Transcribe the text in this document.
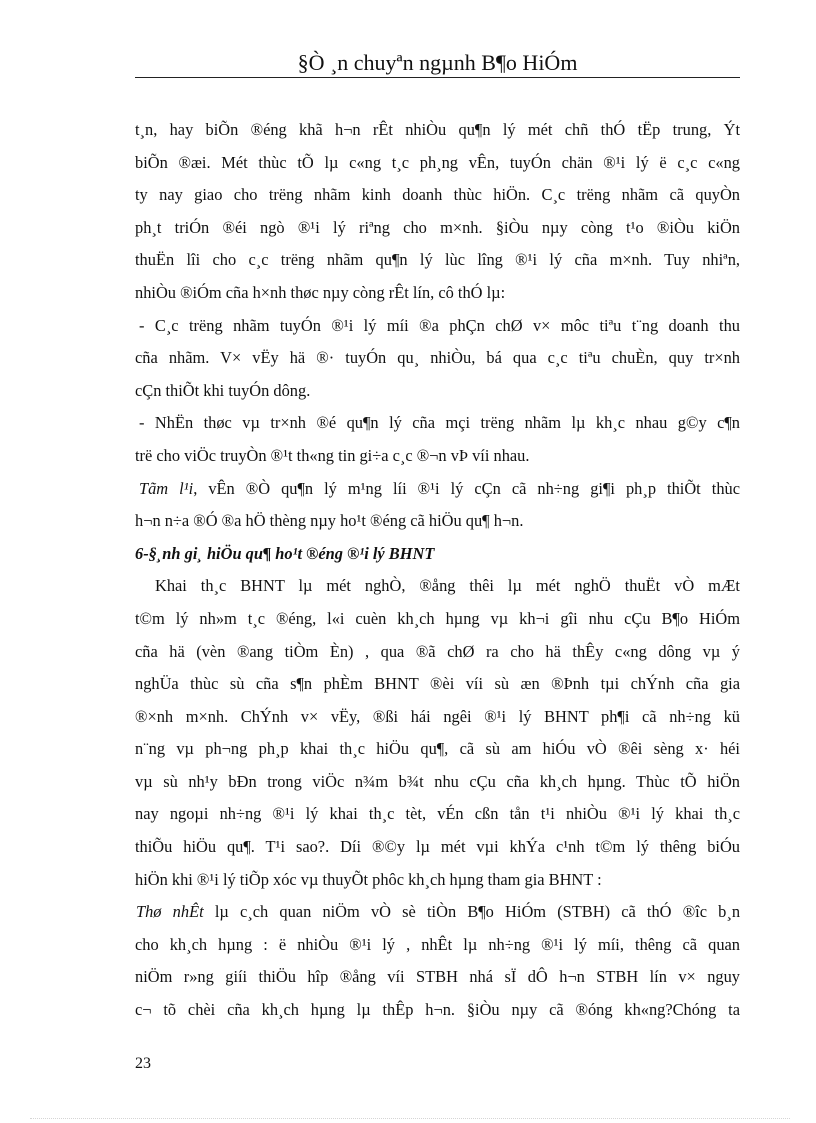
§Ò ¸n chuyªn ngµnh B¶o HiÓm
t¸n, hay biÕn ®éng khã h¬n rÊt nhiÒu qu¶n lý mét chñ thÓ tËp trung, Ýt
biÕn ®æi. Mét thùc tÕ lµ c«ng t¸c ph¸ng vÊn, tuyÓn chän ®¹i lý ë c¸c c«ng
ty nay giao cho trëng nhãm kinh doanh thùc hiÖn. C¸c trëng nhãm cã quyÒn
ph¸t triÓn ®éi ngò ®¹i lý riªng cho m×nh. §iÒu nµy còng t¹o ®iÒu kiÖn
thuËn lîi cho c¸c trëng nhãm qu¶n lý lùc lîng ®¹i lý cña m×nh. Tuy nhiªn,
nhiÒu ®iÓm cña h×nh thøc nµy còng rÊt lín, cô thÓ lµ:
- C¸c trëng nhãm tuyÓn ®¹i lý míi ®a phÇn chØ v× môc tiªu t¨ng doanh thu
cña nhãm. V× vËy hä ®· tuyÓn qu¸ nhiÒu, bá qua c¸c tiªu chuÈn, quy tr×nh
cÇn thiÕt khi tuyÓn dông.
- NhËn thøc vµ tr×nh ®é qu¶n lý cña mçi trëng nhãm lµ kh¸c nhau g©y c¶n
trë cho viÖc truyÒn ®¹t th«ng tin gi÷a c¸c ®¬n vÞ víi nhau.
Tãm l¹i, vÊn ®Ò qu¶n lý m¹ng líi ®¹i lý cÇn cã nh÷ng gi¶i ph¸p thiÕt thùc
h¬n n÷a ®Ó ®a hÖ thèng nµy ho¹t ®éng cã hiÖu qu¶ h¬n.
6-§¸nh gi¸ hiÖu qu¶ ho¹t ®éng ®¹i lý BHNT
Khai th¸c BHNT lµ mét nghÒ, ®ång thêi lµ mét nghÖ thuËt vÒ mÆt
t©m lý nh»m t¸c ®éng, l«i cuèn kh¸ch hµng vµ kh¬i gîi nhu cÇu B¶o HiÓm
cña hä (vèn ®ang tiÒm Èn) , qua ®ã chØ ra cho hä thÊy c«ng dông vµ ý
nghÜa thùc sù cña s¶n phÈm BHNT ®èi víi sù æn ®Þnh tµi chÝnh cña gia
®×nh m×nh. ChÝnh v× vËy, ®ßi hái ngêi ®¹i lý BHNT ph¶i cã nh÷ng kü
n¨ng vµ ph¬ng ph¸p khai th¸c hiÖu qu¶, cã sù am hiÓu vÒ ®êi sèng x· héi
vµ sù nh¹y bÐn trong viÖc n¾m b¾t nhu cÇu cña kh¸ch hµng. Thùc tÕ hiÖn
nay ngoµi nh÷ng ®¹i lý khai th¸c tèt, vÉn cßn tån t¹i nhiÒu ®¹i lý khai th¸c
thiÕu hiÖu qu¶. T¹i sao?. Díi ®©y lµ mét vµi khÝa c¹nh t©m lý thêng biÓu
hiÖn khi ®¹i lý tiÕp xóc vµ thuyÕt phôc kh¸ch hµng tham gia BHNT :
Thø nhÊt lµ c¸ch quan niÖm vÒ sè tiÒn B¶o HiÓm (STBH) cã thÓ ®îc b¸n
cho kh¸ch hµng : ë nhiÒu ®¹i lý , nhÊt lµ nh÷ng ®¹i lý míi, thêng cã quan
niÖm r»ng giíi thiÖu hîp ®ång víi STBH nhá sÏ dÔ h¬n STBH lín v× nguy
c¬ tõ chèi cña kh¸ch hµng lµ thÊp h¬n. §iÒu nµy cã ®óng kh«ng?Chóng ta
23
